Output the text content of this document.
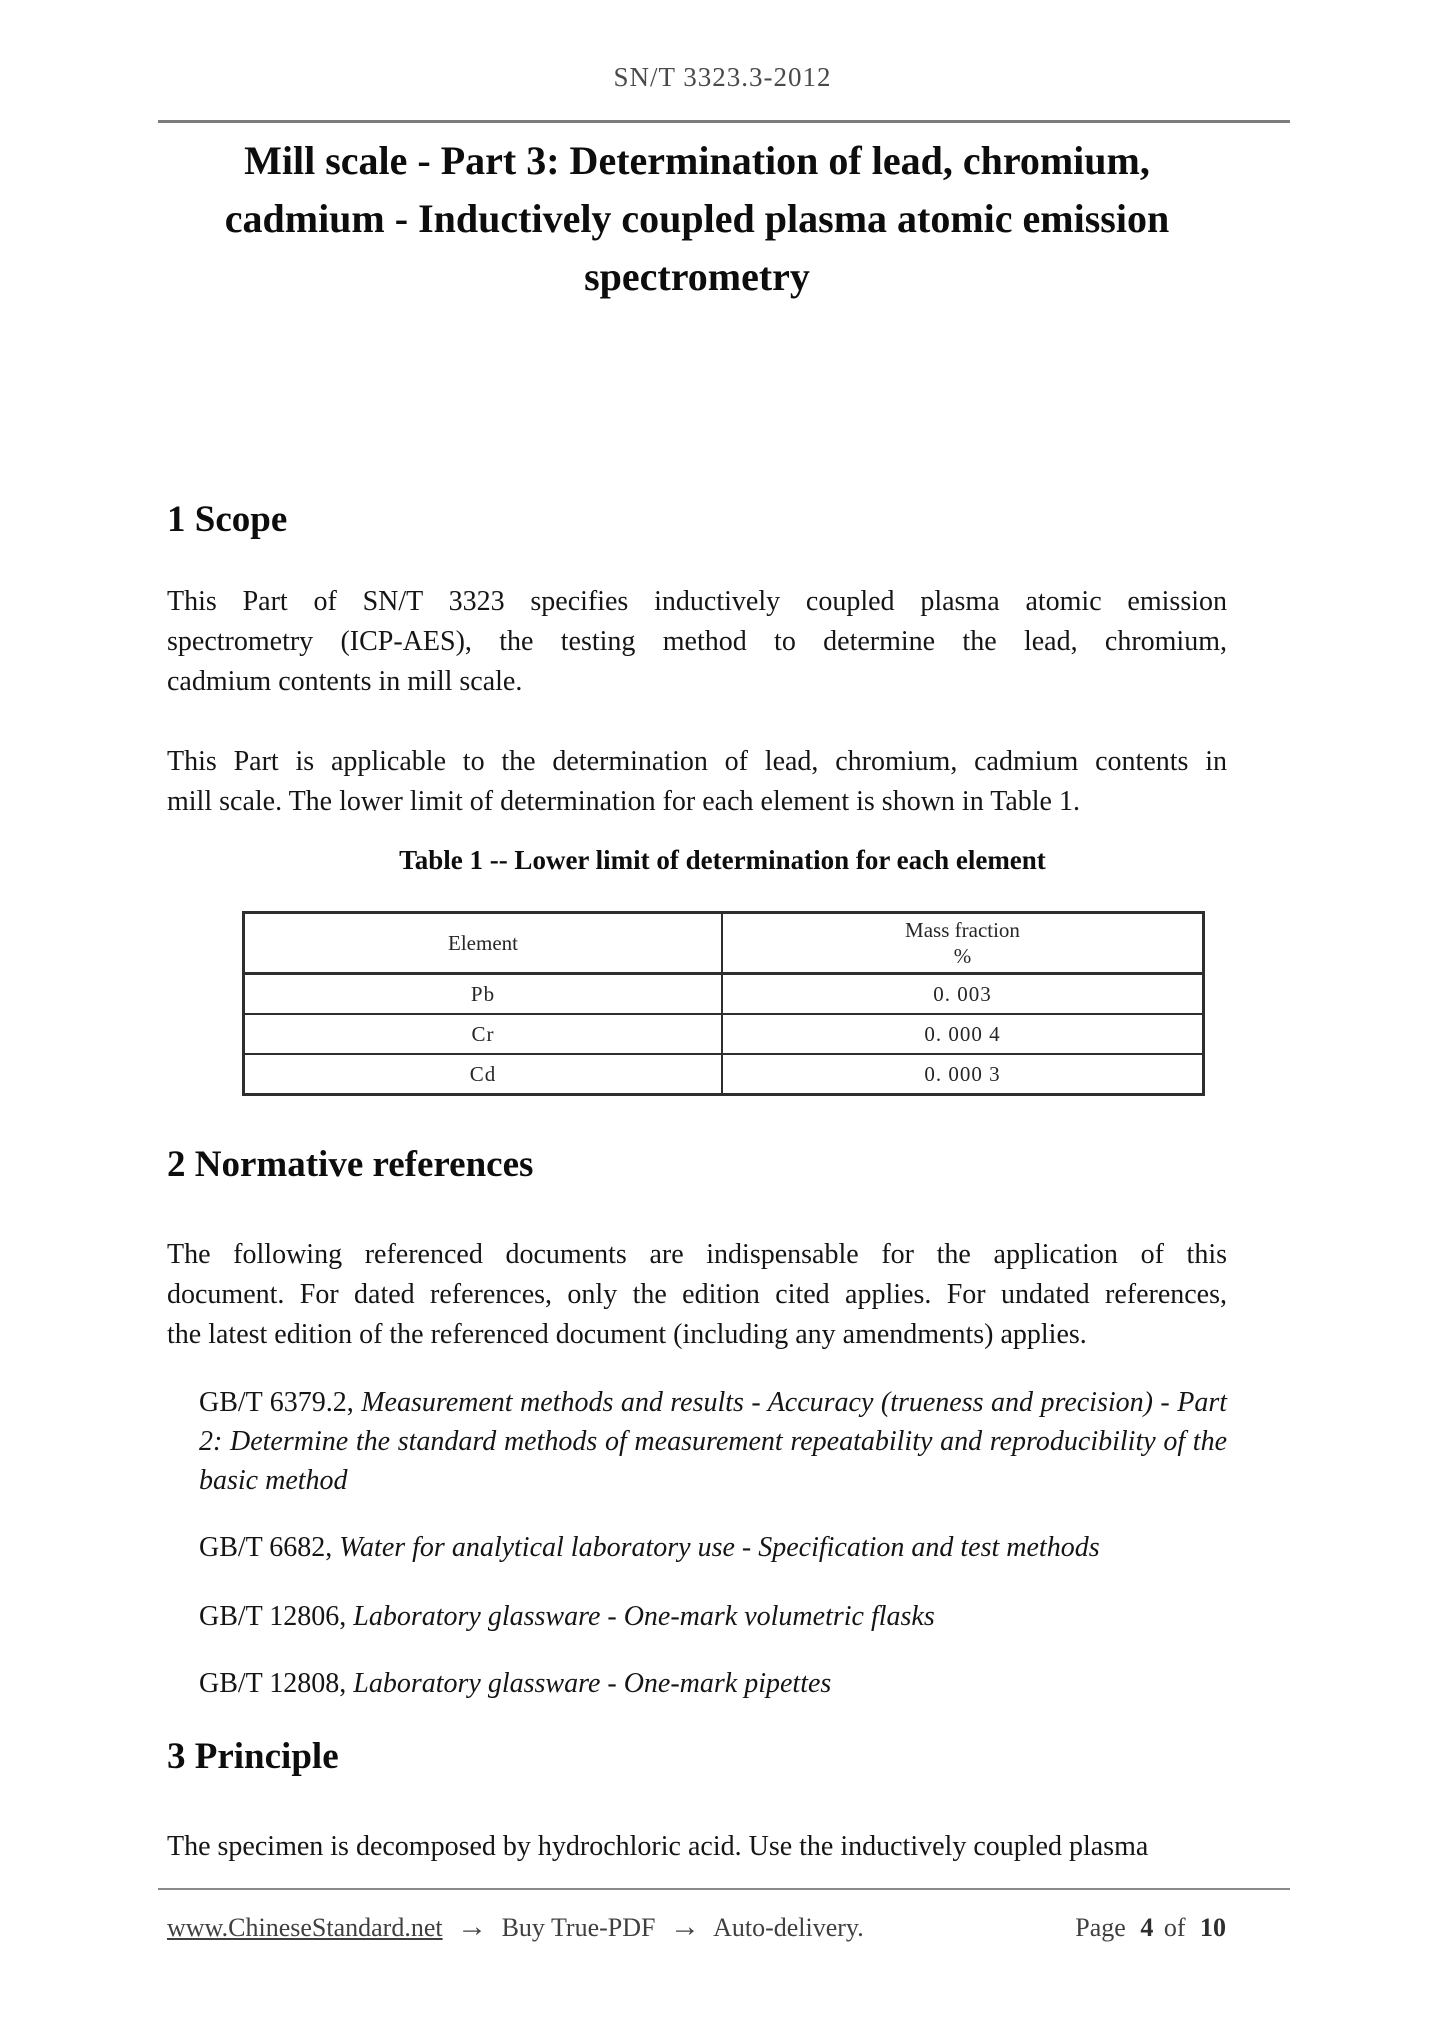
SN/T 3323.3-2012
Mill scale - Part 3: Determination of lead, chromium,
cadmium - Inductively coupled plasma atomic emission
spectrometry
1 Scope
This Part of SN/T 3323 specifies inductively coupled plasma atomic emission
spectrometry (ICP-AES), the testing method to determine the lead, chromium,
cadmium contents in mill scale.
This Part is applicable to the determination of lead, chromium, cadmium contents in
mill scale. The lower limit of determination for each element is shown in Table 1.
Table 1 -- Lower limit of determination for each element
Element	Mass fraction
%

Pb	0. 003
Cr	0. 000 4
Cd	0. 000 3
2 Normative references
The following referenced documents are indispensable for the application of this
document. For dated references, only the edition cited applies. For undated references,
the latest edition of the referenced document (including any amendments) applies.
GB/T 6379.2, Measurement methods and results - Accuracy (trueness and precision) - Part 2: Determine the standard methods of measurement repeatability and reproducibility of the basic method
GB/T 6682, Water for analytical laboratory use - Specification and test methods
GB/T 12806, Laboratory glassware - One-mark volumetric flasks
GB/T 12808, Laboratory glassware - One-mark pipettes
3 Principle
The specimen is decomposed by hydrochloric acid. Use the inductively coupled plasma
www.ChineseStandard.net → Buy True-PDF → Auto-delivery.	Page 4 of 10
